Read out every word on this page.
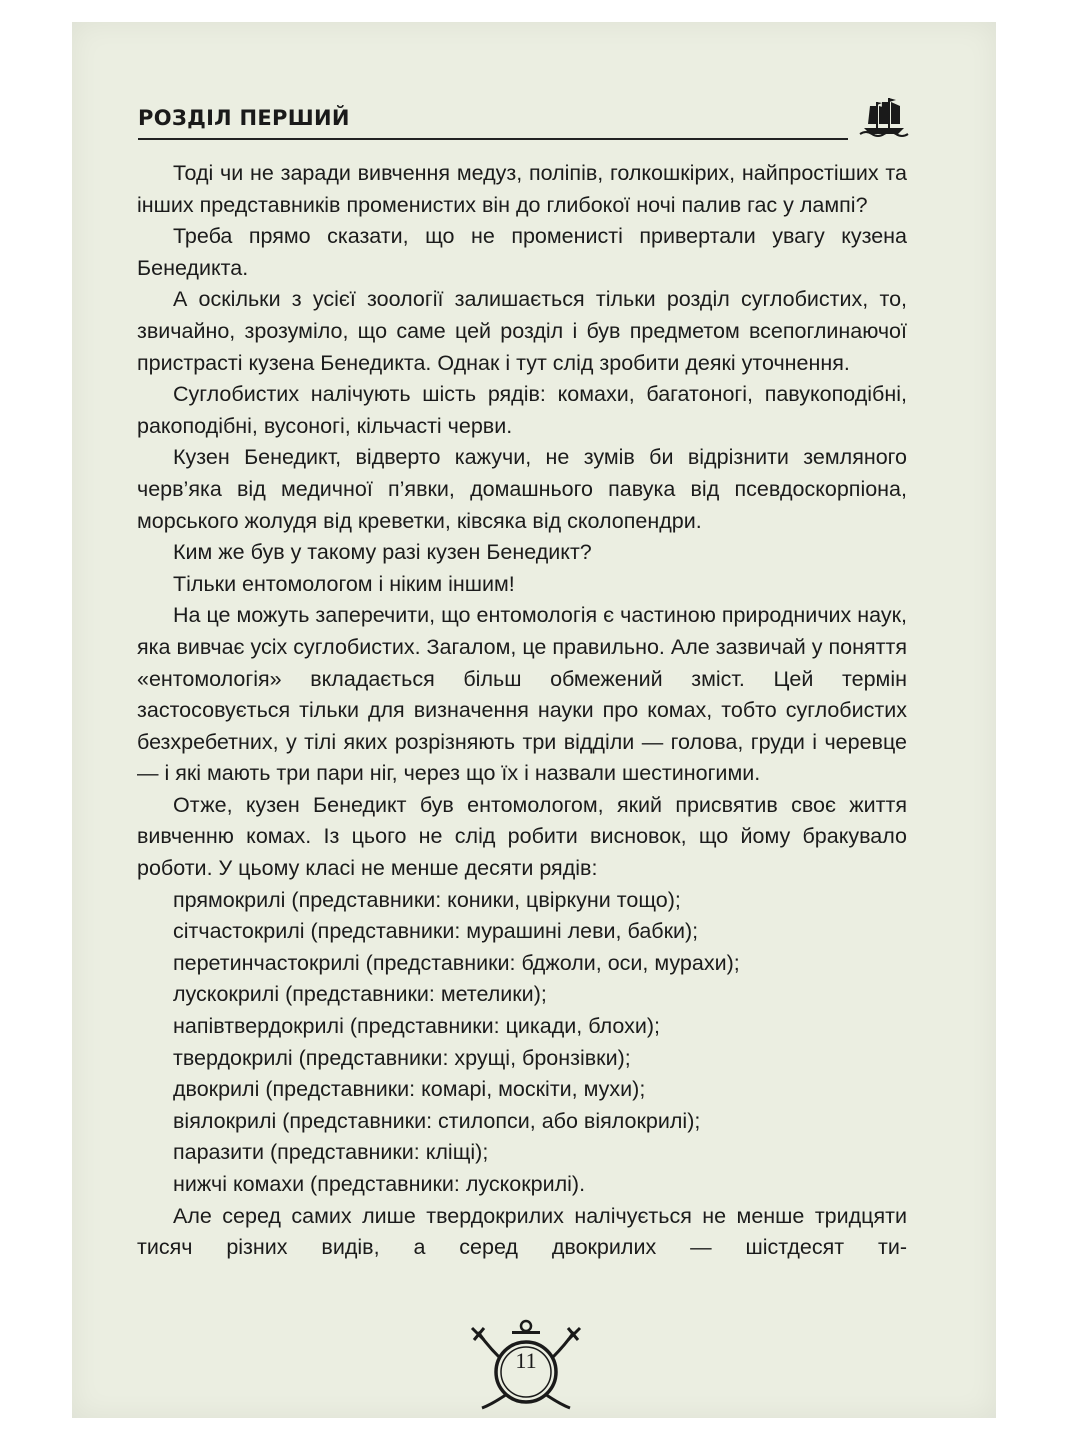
РОЗДІЛ ПЕРШИЙ

Тоді чи не заради вивчення медуз, поліпів, голкошкірих, найпростіших та інших представників променистих він до глибокої ночі палив гас у лампі?

Треба прямо сказати, що не променисті привертали увагу кузена Бенедикта.

А оскільки з усієї зоології залишається тільки розділ суглобистих, то, звичайно, зрозуміло, що саме цей розділ і був предметом всепоглинаючої пристрасті кузена Бенедикта. Однак і тут слід зробити деякі уточнення.

Суглобистих налічують шість рядів: комахи, багатоногі, павукоподібні, ракоподібні, вусоногі, кільчасті черви.

Кузен Бенедикт, відверто кажучи, не зумів би відрізнити земляного черв’яка від медичної п’явки, домашнього павука від псевдоскорпіона, морського жолудя від креветки, ківсяка від сколопендри.

Ким же був у такому разі кузен Бенедикт?

Тільки ентомологом і ніким іншим!

На це можуть заперечити, що ентомологія є частиною природничих наук, яка вивчає усіх суглобистих. Загалом, це правильно. Але зазвичай у поняття «ентомологія» вкладається більш обмежений зміст. Цей термін застосовується тільки для визначення науки про комах, тобто суглобистих безхребетних, у тілі яких розрізняють три відділи — голова, груди і черевце — і які мають три пари ніг, через що їх і назвали шестиногими.

Отже, кузен Бенедикт був ентомологом, який присвятив своє життя вивченню комах. Із цього не слід робити висновок, що йому бракувало роботи. У цьому класі не менше десяти рядів:

прямокрилі (представники: коники, цвіркуни тощо);

сітчастокрилі (представники: мурашині леви, бабки);

перетинчастокрилі (представники: бджоли, оси, мурахи);

лускокрилі (представники: метелики);

напівтвердокрилі (представники: цикади, блохи);

твердокрилі (представники: хрущі, бронзівки);

двокрилі (представники: комарі, москіти, мухи);

віялокрилі (представники: стилопси, або віялокрилі);

паразити (представники: кліщі);

нижчі комахи (представники: лускокрилі).

Але серед самих лише твердокрилих налічується не менше тридцяти тисяч різних видів, а серед двокрилих — шістдесят ти-

11
